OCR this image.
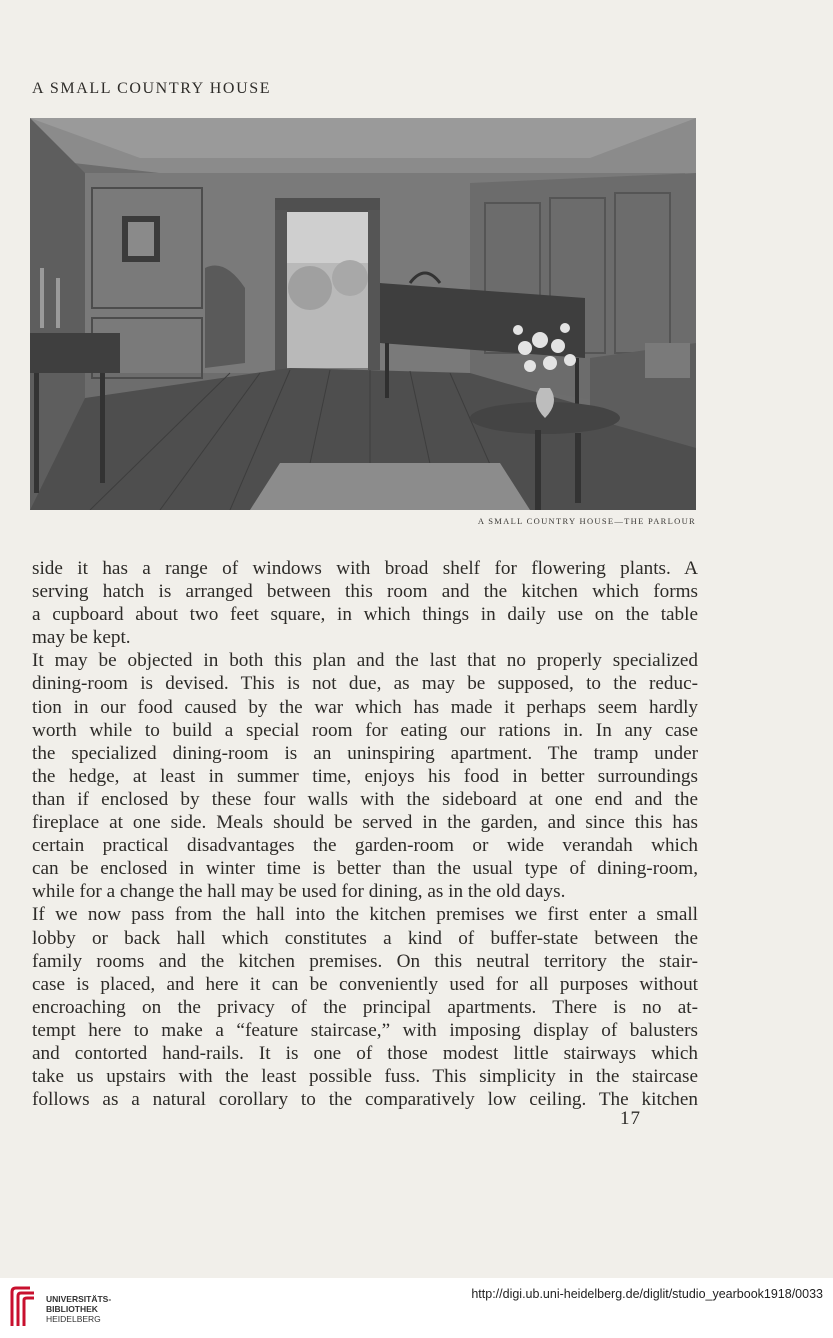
A SMALL COUNTRY HOUSE
A SMALL COUNTRY HOUSE—THE PARLOUR
side it has a range of windows with broad shelf for flowering plants. A
serving hatch is arranged between this room and the kitchen which forms
a cupboard about two feet square, in which things in daily use on the table
may be kept.
It may be objected in both this plan and the last that no properly specialized
dining-room is devised. This is not due, as may be supposed, to the reduc-
tion in our food caused by the war which has made it perhaps seem hardly
worth while to build a special room for eating our rations in. In any case
the specialized dining-room is an uninspiring apartment. The tramp under
the hedge, at least in summer time, enjoys his food in better surroundings
than if enclosed by these four walls with the sideboard at one end and the
fireplace at one side. Meals should be served in the garden, and since this has
certain practical disadvantages the garden-room or wide verandah which
can be enclosed in winter time is better than the usual type of dining-room,
while for a change the hall may be used for dining, as in the old days.
If we now pass from the hall into the kitchen premises we first enter a small
lobby or back hall which constitutes a kind of buffer-state between the
family rooms and the kitchen premises. On this neutral territory the stair-
case is placed, and here it can be conveniently used for all purposes without
encroaching on the privacy of the principal apartments. There is no at-
tempt here to make a “feature staircase,” with imposing display of balusters
and contorted hand-rails. It is one of those modest little stairways which
take us upstairs with the least possible fuss. This simplicity in the staircase
follows as a natural corollary to the comparatively low ceiling. The kitchen
17
UNIVERSITÄTS-
BIBLIOTHEK
HEIDELBERG
http://digi.ub.uni-heidelberg.de/diglit/studio_yearbook1918/0033
